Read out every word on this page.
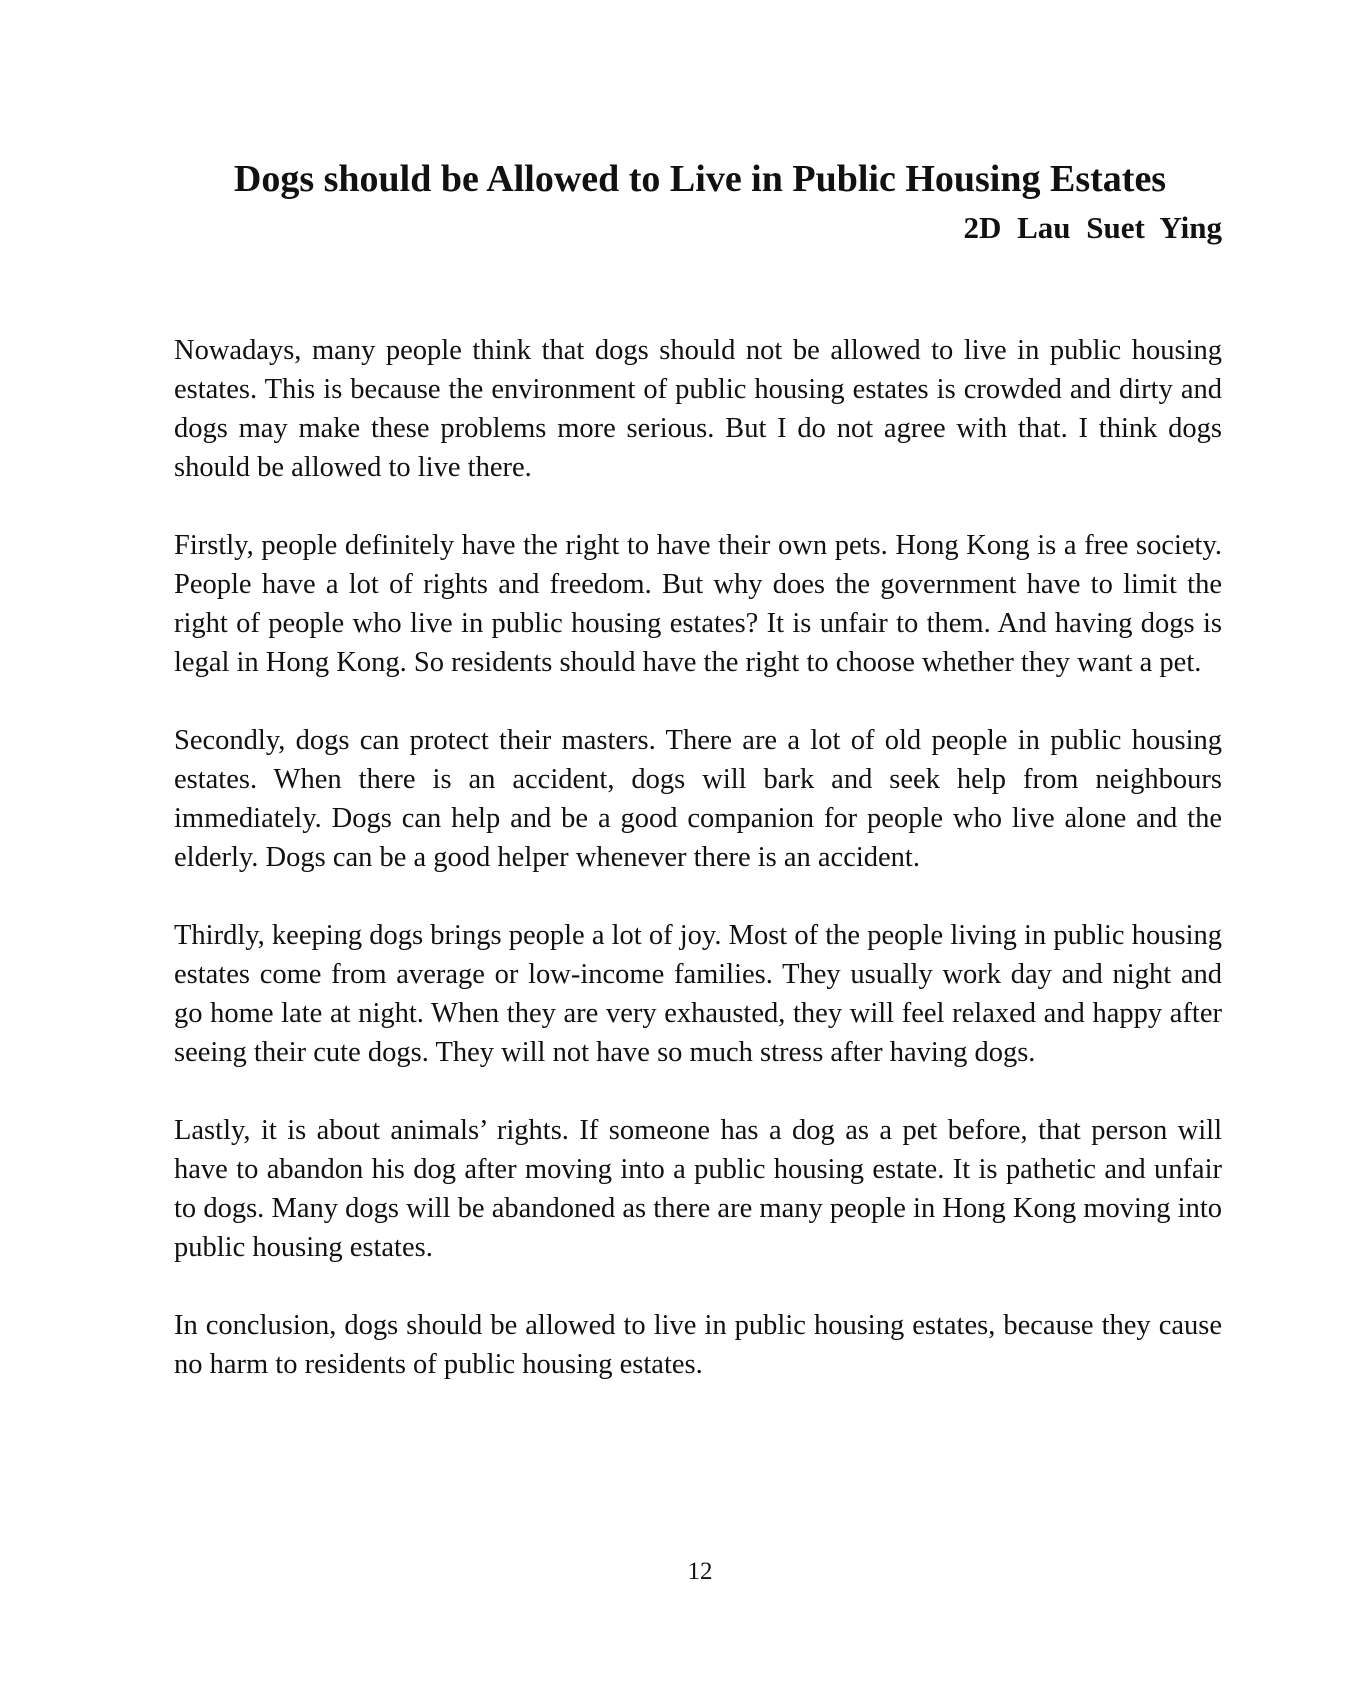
Dogs should be Allowed to Live in Public Housing Estates

2D Lau Suet Ying

Nowadays, many people think that dogs should not be allowed to live in public housing estates. This is because the environment of public housing estates is crowded and dirty and dogs may make these problems more serious. But I do not agree with that. I think dogs should be allowed to live there.

Firstly, people definitely have the right to have their own pets. Hong Kong is a free society. People have a lot of rights and freedom. But why does the government have to limit the right of people who live in public housing estates? It is unfair to them. And having dogs is legal in Hong Kong. So residents should have the right to choose whether they want a pet.

Secondly, dogs can protect their masters. There are a lot of old people in public housing estates. When there is an accident, dogs will bark and seek help from neighbours immediately. Dogs can help and be a good companion for people who live alone and the elderly. Dogs can be a good helper whenever there is an accident.

Thirdly, keeping dogs brings people a lot of joy. Most of the people living in public housing estates come from average or low-income families. They usually work day and night and go home late at night. When they are very exhausted, they will feel relaxed and happy after seeing their cute dogs. They will not have so much stress after having dogs.

Lastly, it is about animals’ rights. If someone has a dog as a pet before, that person will have to abandon his dog after moving into a public housing estate. It is pathetic and unfair to dogs. Many dogs will be abandoned as there are many people in Hong Kong moving into public housing estates.

In conclusion, dogs should be allowed to live in public housing estates, because they cause no harm to residents of public housing estates.

12
